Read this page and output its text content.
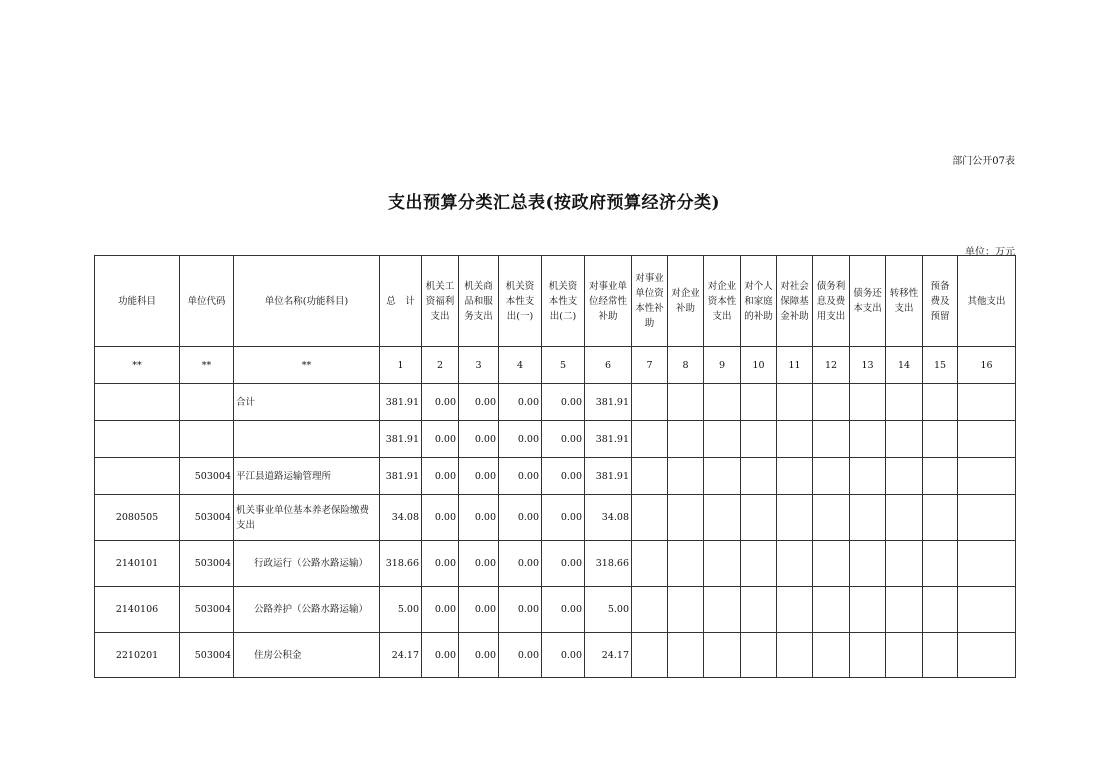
部门公开07表
支出预算分类汇总表(按政府预算经济分类)
单位：万元
功能科目	单位代码	单位名称(功能科目)	总　计	机关工资福利支出	机关商品和服务支出	机关资本性支出(一)	机关资本性支出(二)	对事业单位经常性补助	对事业单位资本性补助	对企业补助	对企业资本性支出	对个人和家庭的补助	对社会保障基金补助	债务利息及费用支出	债务还本支出	转移性支出	预备费及预留	其他支出
**	**	**	1	2	3	4	5	6	7	8	9	10	11	12	13	14	15	16
		合计	381.91	0.00	0.00	0.00	0.00	381.91										
			381.91	0.00	0.00	0.00	0.00	381.91										
	503004	平江县道路运输管理所	381.91	0.00	0.00	0.00	0.00	381.91										
2080505	503004	机关事业单位基本养老保险缴费支出	34.08	0.00	0.00	0.00	0.00	34.08										
2140101	503004	行政运行（公路水路运输）	318.66	0.00	0.00	0.00	0.00	318.66										
2140106	503004	公路养护（公路水路运输）	5.00	0.00	0.00	0.00	0.00	5.00										
2210201	503004	住房公积金	24.17	0.00	0.00	0.00	0.00	24.17										
